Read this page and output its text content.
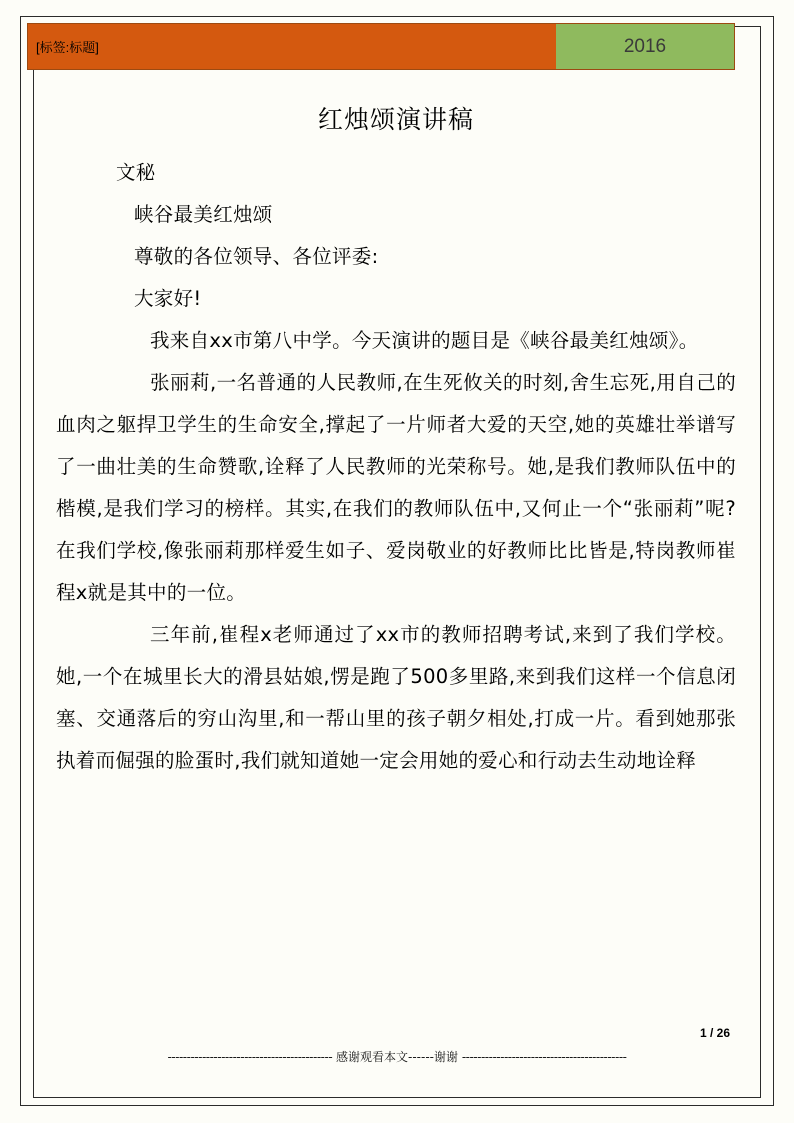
[标签:标题]	2016
红烛颂演讲稿

文秘

峡谷最美红烛颂

尊敬的各位领导、各位评委:

大家好!

我来自xx市第八中学。今天演讲的题目是《峡谷最美红烛颂》。

张丽莉,一名普通的人民教师,在生死攸关的时刻,舍生忘死,用自己的血肉之躯捍卫学生的生命安全,撑起了一片师者大爱的天空,她的英雄壮举谱写了一曲壮美的生命赞歌,诠释了人民教师的光荣称号。她,是我们教师队伍中的楷模,是我们学习的榜样。其实,在我们的教师队伍中,又何止一个“张丽莉”呢?在我们学校,像张丽莉那样爱生如子、爱岗敬业的好教师比比皆是,特岗教师崔程x就是其中的一位。

三年前,崔程x老师通过了xx市的教师招聘考试,来到了我们学校。她,一个在城里长大的滑县姑娘,愣是跑了500多里路,来到我们这样一个信息闭塞、交通落后的穷山沟里,和一帮山里的孩子朝夕相处,打成一片。看到她那张执着而倔强的脸蛋时,我们就知道她一定会用她的爱心和行动去生动地诠释

1 / 26
------------------------------------------- 感谢观看本文------谢谢 -------------------------------------------
